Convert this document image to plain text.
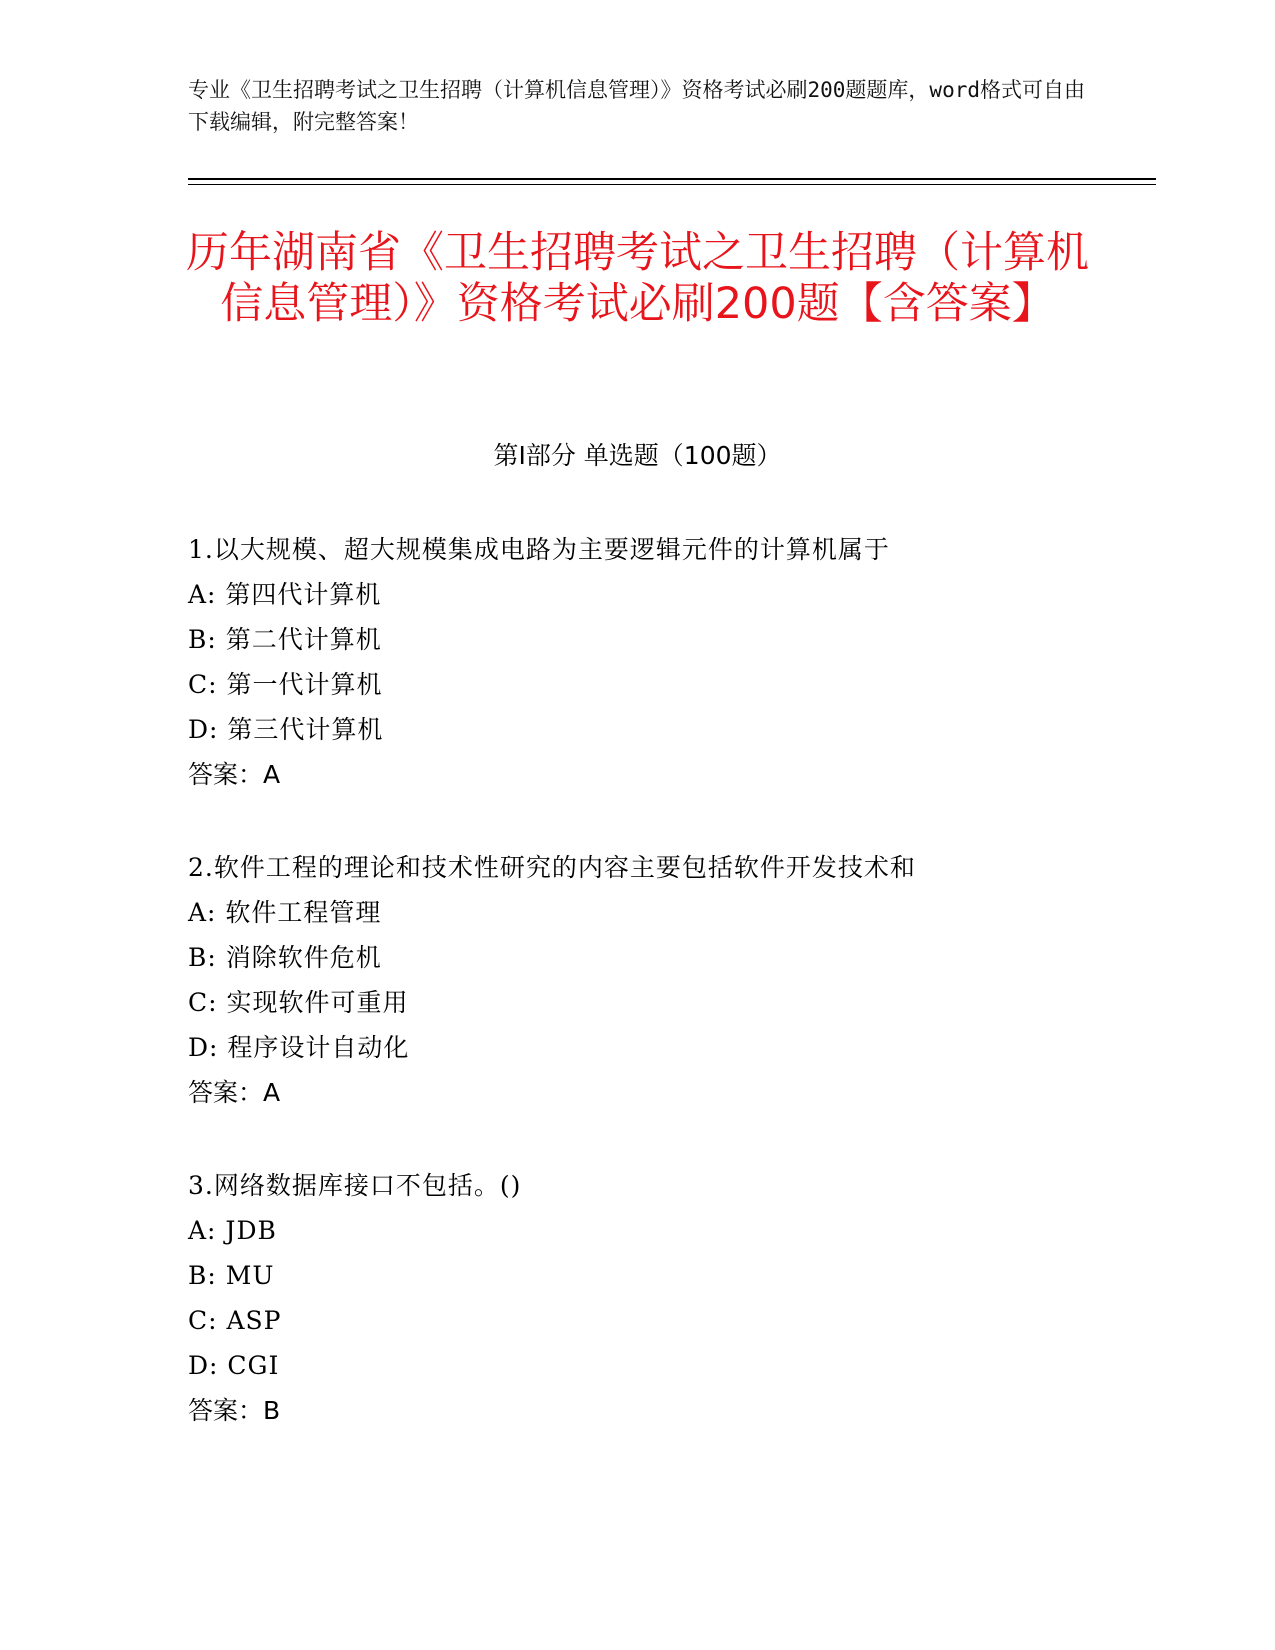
专业《卫生招聘考试之卫生招聘（计算机信息管理）》资格考试必刷200题题库，word格式可自由下载编辑，附完整答案！
历年湖南省《卫生招聘考试之卫生招聘（计算机信息管理）》资格考试必刷200题【含答案】
第I部分 单选题（100题）
1.以大规模、超大规模集成电路为主要逻辑元件的计算机属于
A: 第四代计算机
B: 第二代计算机
C: 第一代计算机
D: 第三代计算机
答案：A
2.软件工程的理论和技术性研究的内容主要包括软件开发技术和
A: 软件工程管理
B: 消除软件危机
C: 实现软件可重用
D: 程序设计自动化
答案：A
3.网络数据库接口不包括。()
A: JDB
B: MU
C: ASP
D: CGI
答案：B
